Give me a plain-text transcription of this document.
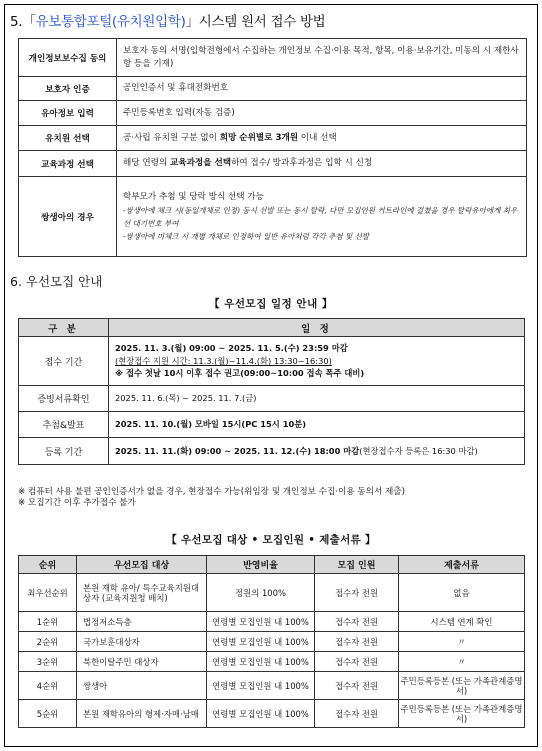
5.「유보통합포털(유치원입학)」시스템 원서 접수 방법
개인정보보수집 동의	보호자 동의 서명(입학전형에서 수집하는 개인정보 수집·이용 목적, 항목, 이용·보유기간, 미동의 시 제한사항 등을 기재)
보호자 인증	공인인증서 및 휴대전화번호
유아정보 입력	주민등록번호 입력(자동 검증)
유치원 선택	공·사립 유치원 구분 없이 희망 순위별로 3개원 이내 선택
교육과정 선택	해당 연령의 교육과정을 선택하여 접수/ 방과후과정은 입학 시 신청
쌍생아의 경우	학부모가 추첨 및 당락 방식 선택 가능
-쌍생아에 체크 시(동일개체로 인정) 동시 선발 또는 동시 탈락, 다만 모집인원 커트라인에 걸쳤을 경우 탈락유아에게 최우선 대기번호 부여
-쌍생아에 미체크 시 개별 개체로 인정하여 일반 유아처럼 각각 추첨 및 선발
6. 우선모집 안내
【 우선모집 일정 안내 】
구 분	일 정
접수 기간	2025. 11. 3.(월) 09:00 ~ 2025. 11. 5.(수) 23:59 마감
(현장접수 지원 시간: 11.3.(월)~11.4.(화) 13:30~16:30)
※ 접수 첫날 10시 이후 접수 권고(09:00~10:00 접속 폭주 대비)

증빙서류확인	2025. 11. 6.(목) ~ 2025. 11. 7.(금)
추첨&발표	2025. 11. 10.(월) 모바일 15시(PC 15시 10분)
등록 기간	2025. 11. 11.(화) 09:00 ~ 2025. 11. 12.(수) 18:00 마감(현장접수자 등록은 16:30 마감)
※ 컴퓨터 사용 불편 공인인증서가 없을 경우, 현장접수 가능(위임장 및 개인정보 수집·이용 동의서 제출)
※ 모집기간 이후 추가접수 불가
【 우선모집 대상 • 모집인원 • 제출서류 】
순위	우선모집 대상	반영비율	모집 인원	제출서류
최우선순위	본원 재학 유아/ 특수교육지원대상자 (교육지원청 배치)	정원의 100%	접수자 전원	없음
1순위	법정저소득층	연령별 모집인원 내 100%	접수자 전원	시스템 연계 확인
2순위	국가보훈대상자	연령별 모집인원 내 100%	접수자 전원	〃
3순위	북한이탈주민 대상자	연령별 모집인원 내 100%	접수자 전원	〃
4순위	쌍생아	연령별 모집인원 내 100%	접수자 전원	주민등록등본 (또는 가족관계증명서)
5순위	본원 재학유아의 형제·자매·남매	연령별 모집인원 내 100%	접수자 전원	주민등록등본 (또는 가족관계증명서)
